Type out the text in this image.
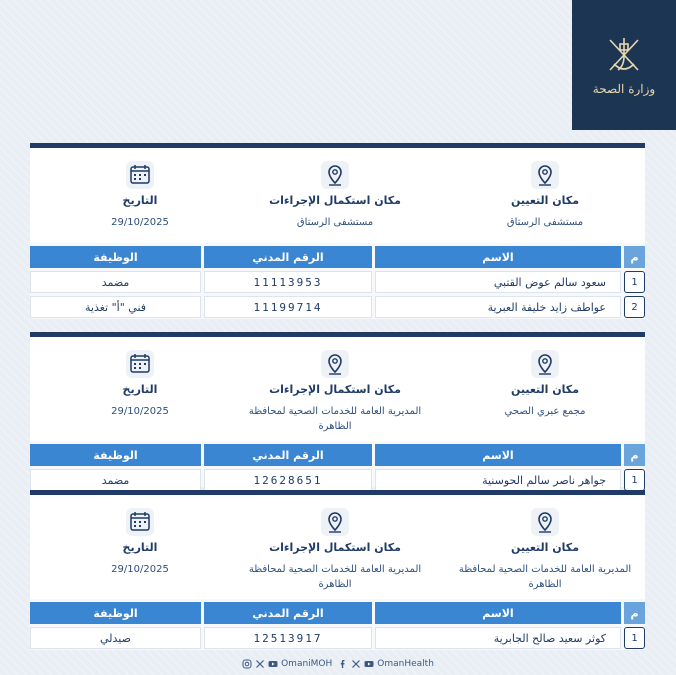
وزارة الصحة
مكان التعيين
مستشفى الرستاق
مكان استكمال الإجراءات
مستشفى الرستاق
التاريخ
29/10/2025
م
الاسم
الرقم المدني
الوظيفة
1
سعود سالم عوض القتبي
11113953
مضمد
2
عواطف زايد خليفة العبرية
11199714
فني "أ" تغذية
مكان التعيين
مجمع عبري الصحي
مكان استكمال الإجراءات
المديرية العامة للخدمات الصحية لمحافظة الظاهرة
التاريخ
29/10/2025
م
الاسم
الرقم المدني
الوظيفة
1
جواهر ناصر سالم الحوسنية
12628651
مضمد
مكان التعيين
المديرية العامة للخدمات الصحية لمحافظة الظاهرة
مكان استكمال الإجراءات
المديرية العامة للخدمات الصحية لمحافظة الظاهرة
التاريخ
29/10/2025
م
الاسم
الرقم المدني
الوظيفة
1
كوثر سعيد صالح الجابرية
12513917
صيدلي
OmaniMOH	OmanHealth
